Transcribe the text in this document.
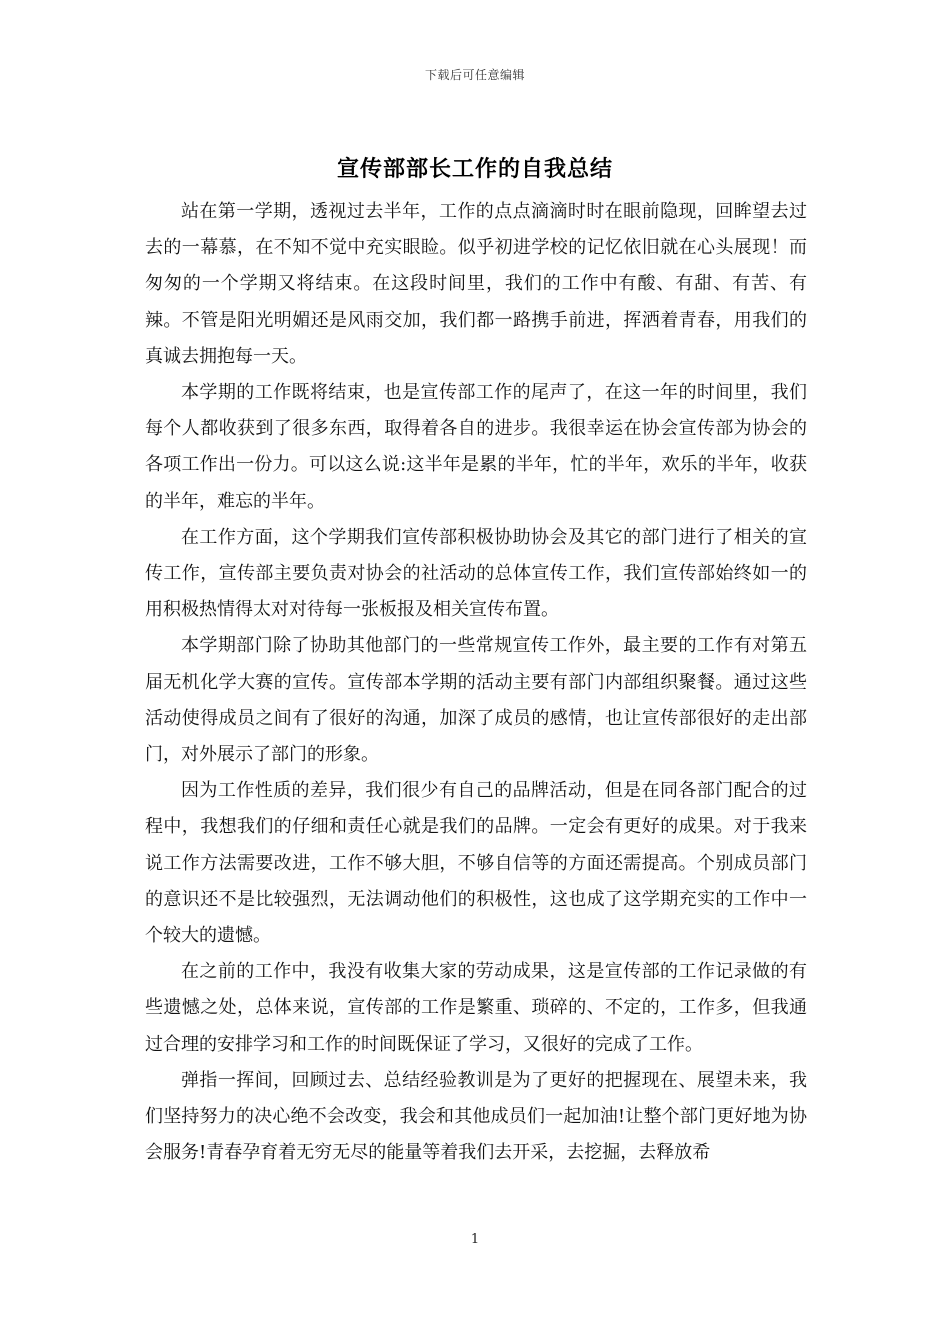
下载后可任意编辑
宣传部部长工作的自我总结

站在第一学期，透视过去半年，工作的点点滴滴时时在眼前隐现，回眸望去过去的一幕慕，在不知不觉中充实眼睑。似乎初进学校的记忆依旧就在心头展现！而匆匆的一个学期又将结束。在这段时间里，我们的工作中有酸、有甜、有苦、有辣。不管是阳光明媚还是风雨交加，我们都一路携手前进，挥洒着青春，用我们的真诚去拥抱每一天。

本学期的工作既将结束，也是宣传部工作的尾声了，在这一年的时间里，我们每个人都收获到了很多东西，取得着各自的进步。我很幸运在协会宣传部为协会的各项工作出一份力。可以这么说:这半年是累的半年，忙的半年，欢乐的半年，收获的半年，难忘的半年。

在工作方面，这个学期我们宣传部积极协助协会及其它的部门进行了相关的宣传工作，宣传部主要负责对协会的社活动的总体宣传工作，我们宣传部始终如一的用积极热情得太对对待每一张板报及相关宣传布置。

本学期部门除了协助其他部门的一些常规宣传工作外，最主要的工作有对第五届无机化学大赛的宣传。宣传部本学期的活动主要有部门内部组织聚餐。通过这些活动使得成员之间有了很好的沟通，加深了成员的感情，也让宣传部很好的走出部门，对外展示了部门的形象。

因为工作性质的差异，我们很少有自己的品牌活动，但是在同各部门配合的过程中，我想我们的仔细和责任心就是我们的品牌。一定会有更好的成果。对于我来说工作方法需要改进，工作不够大胆，不够自信等的方面还需提高。个别成员部门的意识还不是比较强烈，无法调动他们的积极性，这也成了这学期充实的工作中一个较大的遗憾。

在之前的工作中，我没有收集大家的劳动成果，这是宣传部的工作记录做的有些遗憾之处，总体来说，宣传部的工作是繁重、琐碎的、不定的，工作多，但我通过合理的安排学习和工作的时间既保证了学习，又很好的完成了工作。

弹指一挥间，回顾过去、总结经验教训是为了更好的把握现在、展望未来，我们坚持努力的决心绝不会改变，我会和其他成员们一起加油!让整个部门更好地为协会服务!青春孕育着无穷无尽的能量等着我们去开采，去挖掘，去释放希

1
